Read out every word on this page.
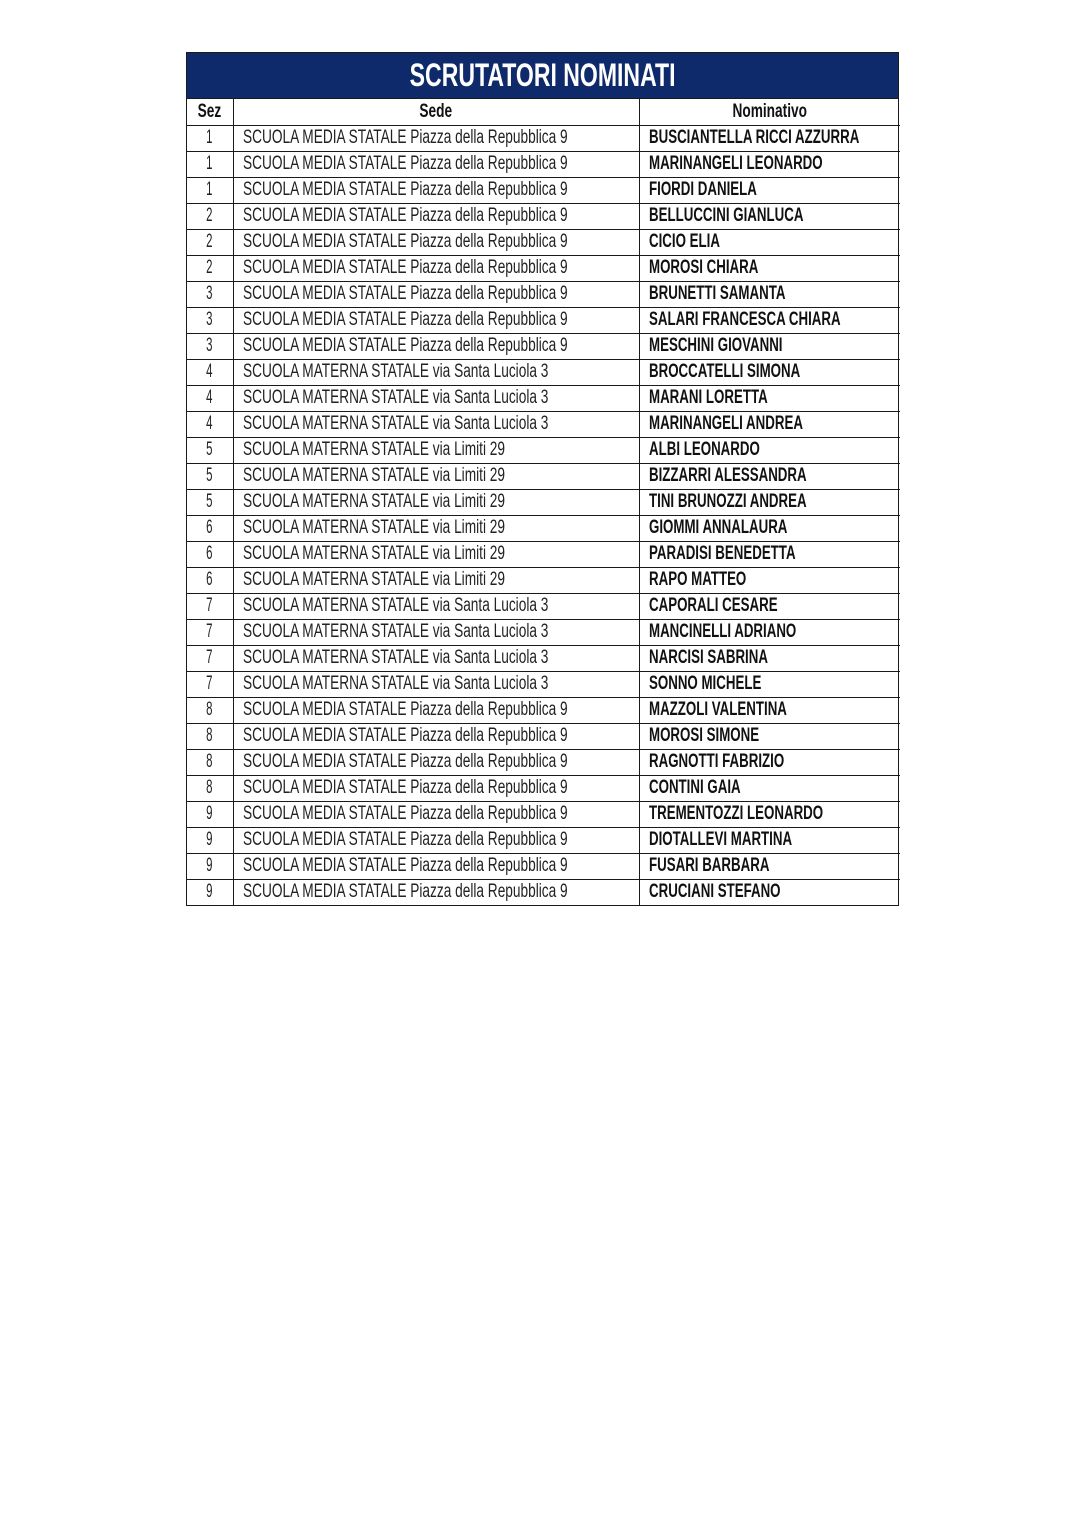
SCRUTATORI NOMINATI
Sez	Sede	Nominativo
1	SCUOLA MEDIA STATALE Piazza della Repubblica 9	BUSCIANTELLA RICCI AZZURRA
1	SCUOLA MEDIA STATALE Piazza della Repubblica 9	MARINANGELI LEONARDO
1	SCUOLA MEDIA STATALE Piazza della Repubblica 9	FIORDI DANIELA
2	SCUOLA MEDIA STATALE Piazza della Repubblica 9	BELLUCCINI GIANLUCA
2	SCUOLA MEDIA STATALE Piazza della Repubblica 9	CICIO ELIA
2	SCUOLA MEDIA STATALE Piazza della Repubblica 9	MOROSI CHIARA
3	SCUOLA MEDIA STATALE Piazza della Repubblica 9	BRUNETTI SAMANTA
3	SCUOLA MEDIA STATALE Piazza della Repubblica 9	SALARI FRANCESCA CHIARA
3	SCUOLA MEDIA STATALE Piazza della Repubblica 9	MESCHINI GIOVANNI
4	SCUOLA MATERNA STATALE via Santa Luciola 3	BROCCATELLI SIMONA
4	SCUOLA MATERNA STATALE via Santa Luciola 3	MARANI LORETTA
4	SCUOLA MATERNA STATALE via Santa Luciola 3	MARINANGELI ANDREA
5	SCUOLA MATERNA STATALE via Limiti 29	ALBI LEONARDO
5	SCUOLA MATERNA STATALE via Limiti 29	BIZZARRI ALESSANDRA
5	SCUOLA MATERNA STATALE via Limiti 29	TINI BRUNOZZI ANDREA
6	SCUOLA MATERNA STATALE via Limiti 29	GIOMMI ANNALAURA
6	SCUOLA MATERNA STATALE via Limiti 29	PARADISI BENEDETTA
6	SCUOLA MATERNA STATALE via Limiti 29	RAPO MATTEO
7	SCUOLA MATERNA STATALE via Santa Luciola 3	CAPORALI CESARE
7	SCUOLA MATERNA STATALE via Santa Luciola 3	MANCINELLI ADRIANO
7	SCUOLA MATERNA STATALE via Santa Luciola 3	NARCISI SABRINA
7	SCUOLA MATERNA STATALE via Santa Luciola 3	SONNO MICHELE
8	SCUOLA MEDIA STATALE Piazza della Repubblica 9	MAZZOLI VALENTINA
8	SCUOLA MEDIA STATALE Piazza della Repubblica 9	MOROSI SIMONE
8	SCUOLA MEDIA STATALE Piazza della Repubblica 9	RAGNOTTI FABRIZIO
8	SCUOLA MEDIA STATALE Piazza della Repubblica 9	CONTINI GAIA
9	SCUOLA MEDIA STATALE Piazza della Repubblica 9	TREMENTOZZI LEONARDO
9	SCUOLA MEDIA STATALE Piazza della Repubblica 9	DIOTALLEVI MARTINA
9	SCUOLA MEDIA STATALE Piazza della Repubblica 9	FUSARI BARBARA
9	SCUOLA MEDIA STATALE Piazza della Repubblica 9	CRUCIANI STEFANO
